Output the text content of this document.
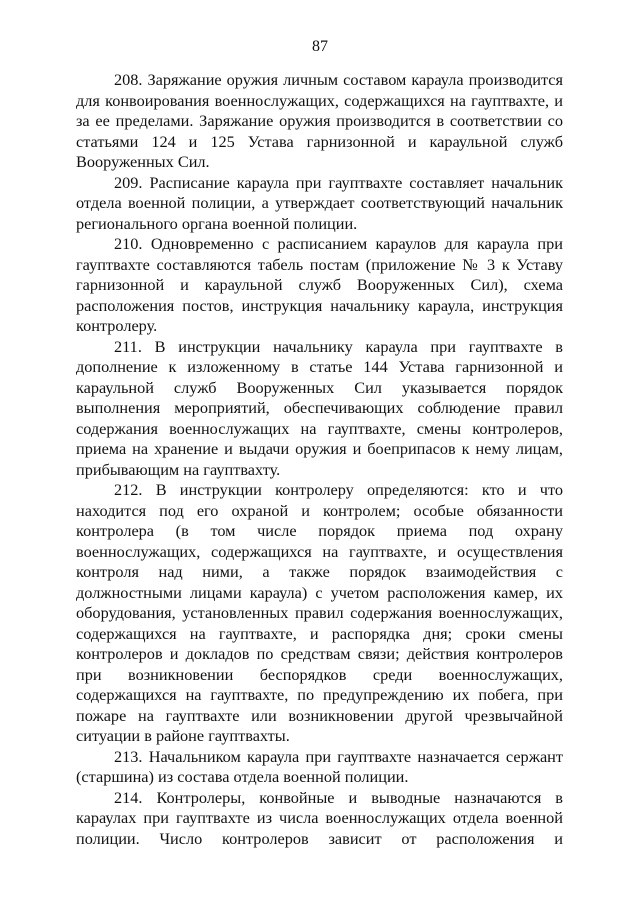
87

208. Заряжание оружия личным составом караула производится для конвоирования военнослужащих, содержащихся на гауптвахте, и за ее пределами. Заряжание оружия производится в соответствии со статьями 124 и 125 Устава гарнизонной и караульной служб Вооруженных Сил.

209. Расписание караула при гауптвахте составляет начальник отдела военной полиции, а утверждает соответствующий начальник регионального органа военной полиции.

210. Одновременно с расписанием караулов для караула при гауптвахте составляются табель постам (приложение № 3 к Уставу гарнизонной и караульной служб Вооруженных Сил), схема расположения постов, инструкция начальнику караула, инструкция контролеру.

211. В инструкции начальнику караула при гауптвахте в дополнение к изложенному в статье 144 Устава гарнизонной и караульной служб Вооруженных Сил указывается порядок выполнения мероприятий, обеспечивающих соблюдение правил содержания военнослужащих на гауптвахте, смены контролеров, приема на хранение и выдачи оружия и боеприпасов к нему лицам, прибывающим на гауптвахту.

212. В инструкции контролеру определяются: кто и что находится под его охраной и контролем; особые обязанности контролера (в том числе порядок приема под охрану военнослужащих, содержащихся на гауптвахте, и осуществления контроля над ними, а также порядок взаимодействия с должностными лицами караула) с учетом расположения камер, их оборудования, установленных правил содержания военнослужащих, содержащихся на гауптвахте, и распорядка дня; сроки смены контролеров и докладов по средствам связи; действия контролеров при возникновении беспорядков среди военнослужащих, содержащихся на гауптвахте, по предупреждению их побега, при пожаре на гауптвахте или возникновении другой чрезвычайной ситуации в районе гауптвахты.

213. Начальником караула при гауптвахте назначается сержант (старшина) из состава отдела военной полиции.

214. Контролеры, конвойные и выводные назначаются в караулах при гауптвахте из числа военнослужащих отдела военной полиции. Число контролеров зависит от расположения и
